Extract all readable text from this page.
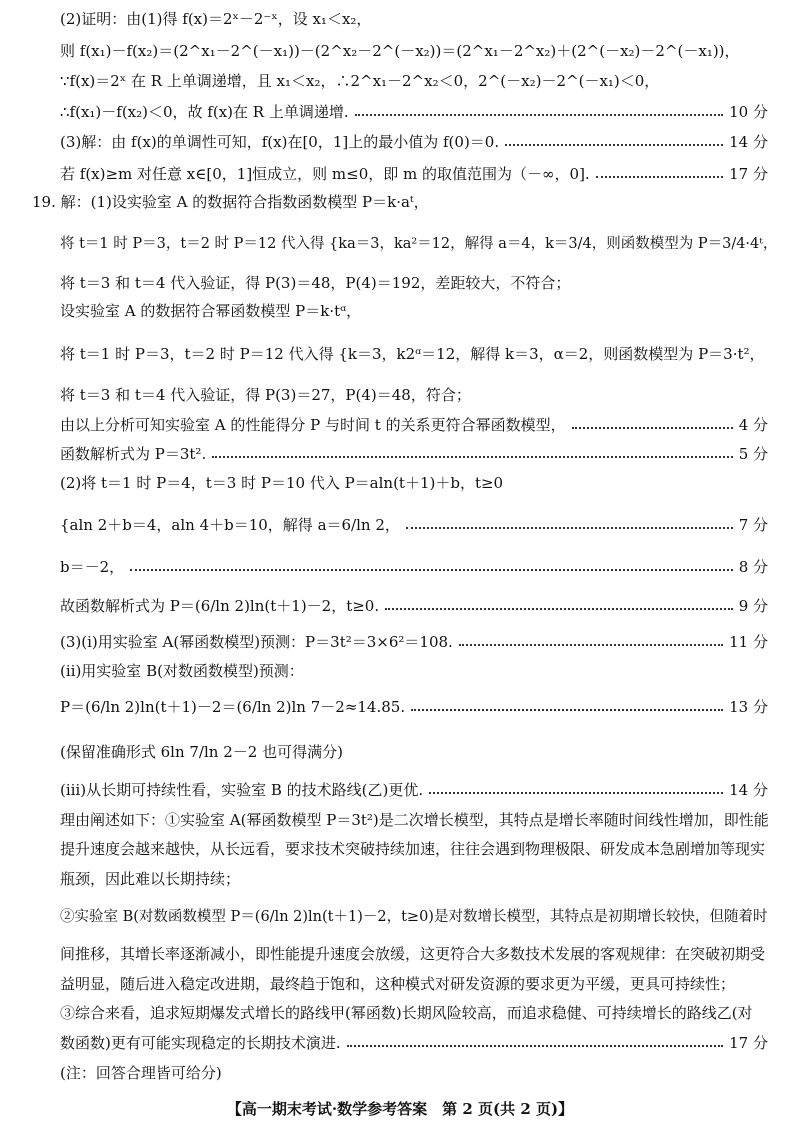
(2)证明：由(1)得 f(x)＝2ˣ－2⁻ˣ，设 x₁＜x₂，
则 f(x₁)－f(x₂)＝(2^x₁－2^(－x₁))－(2^x₂－2^(－x₂))＝(2^x₁－2^x₂)＋(2^(－x₂)－2^(－x₁))，
∵f(x)＝2ˣ 在 R 上单调递增，且 x₁＜x₂，∴2^x₁－2^x₂＜0，2^(－x₂)－2^(－x₁)＜0，
∴f(x₁)－f(x₂)＜0，故 f(x)在 R 上单调递增.	10 分
(3)解：由 f(x)的单调性可知，f(x)在[0，1]上的最小值为 f(0)＝0.	14 分
若 f(x)≥m 对任意 x∈[0，1]恒成立，则 m≤0，即 m 的取值范围为（－∞，0].	17 分
19. 解：(1)设实验室 A 的数据符合指数函数模型 P＝k·aᵗ，
将 t＝1 时 P＝3，t＝2 时 P＝12 代入得 {ka＝3，ka²＝12，解得 a＝4，k＝3/4，则函数模型为 P＝3/4·4ᵗ，
将 t＝3 和 t＝4 代入验证，得 P(3)＝48，P(4)＝192，差距较大，不符合；
设实验室 A 的数据符合幂函数模型 P＝k·tᵅ，
将 t＝1 时 P＝3，t＝2 时 P＝12 代入得 {k＝3，k2ᵅ＝12，解得 k＝3，α＝2，则函数模型为 P＝3·t²，
将 t＝3 和 t＝4 代入验证，得 P(3)＝27，P(4)＝48，符合；
由以上分析可知实验室 A 的性能得分 P 与时间 t 的关系更符合幂函数模型，	4 分
函数解析式为 P＝3t².	5 分
(2)将 t＝1 时 P＝4，t＝3 时 P＝10 代入 P＝aln(t＋1)＋b，t≥0
{aln 2＋b＝4，aln 4＋b＝10，解得 a＝6/ln 2，	7 分
b＝－2，	8 分
故函数解析式为 P＝(6/ln 2)ln(t＋1)－2，t≥0.	9 分
(3)(ⅰ)用实验室 A(幂函数模型)预测：P＝3t²＝3×6²＝108.	11 分
(ⅱ)用实验室 B(对数函数模型)预测：
P＝(6/ln 2)ln(t＋1)－2＝(6/ln 2)ln 7－2≈14.85.	13 分
(保留准确形式 6ln 7/ln 2－2 也可得满分)
(ⅲ)从长期可持续性看，实验室 B 的技术路线(乙)更优.	14 分
理由阐述如下：①实验室 A(幂函数模型 P＝3t²)是二次增长模型，其特点是增长率随时间线性增加，即性能
提升速度会越来越快，从长远看，要求技术突破持续加速，往往会遇到物理极限、研发成本急剧增加等现实
瓶颈，因此难以长期持续；
②实验室 B(对数函数模型 P＝(6/ln 2)ln(t＋1)－2，t≥0)是对数增长模型，其特点是初期增长较快，但随着时
间推移，其增长率逐渐减小，即性能提升速度会放缓，这更符合大多数技术发展的客观规律：在突破初期受
益明显，随后进入稳定改进期，最终趋于饱和，这种模式对研发资源的要求更为平缓，更具可持续性；
③综合来看，追求短期爆发式增长的路线甲(幂函数)长期风险较高，而追求稳健、可持续增长的路线乙(对
数函数)更有可能实现稳定的长期技术演进.	17 分
(注：回答合理皆可给分)
【高一期末考试·数学参考答案　第 2 页(共 2 页)】
